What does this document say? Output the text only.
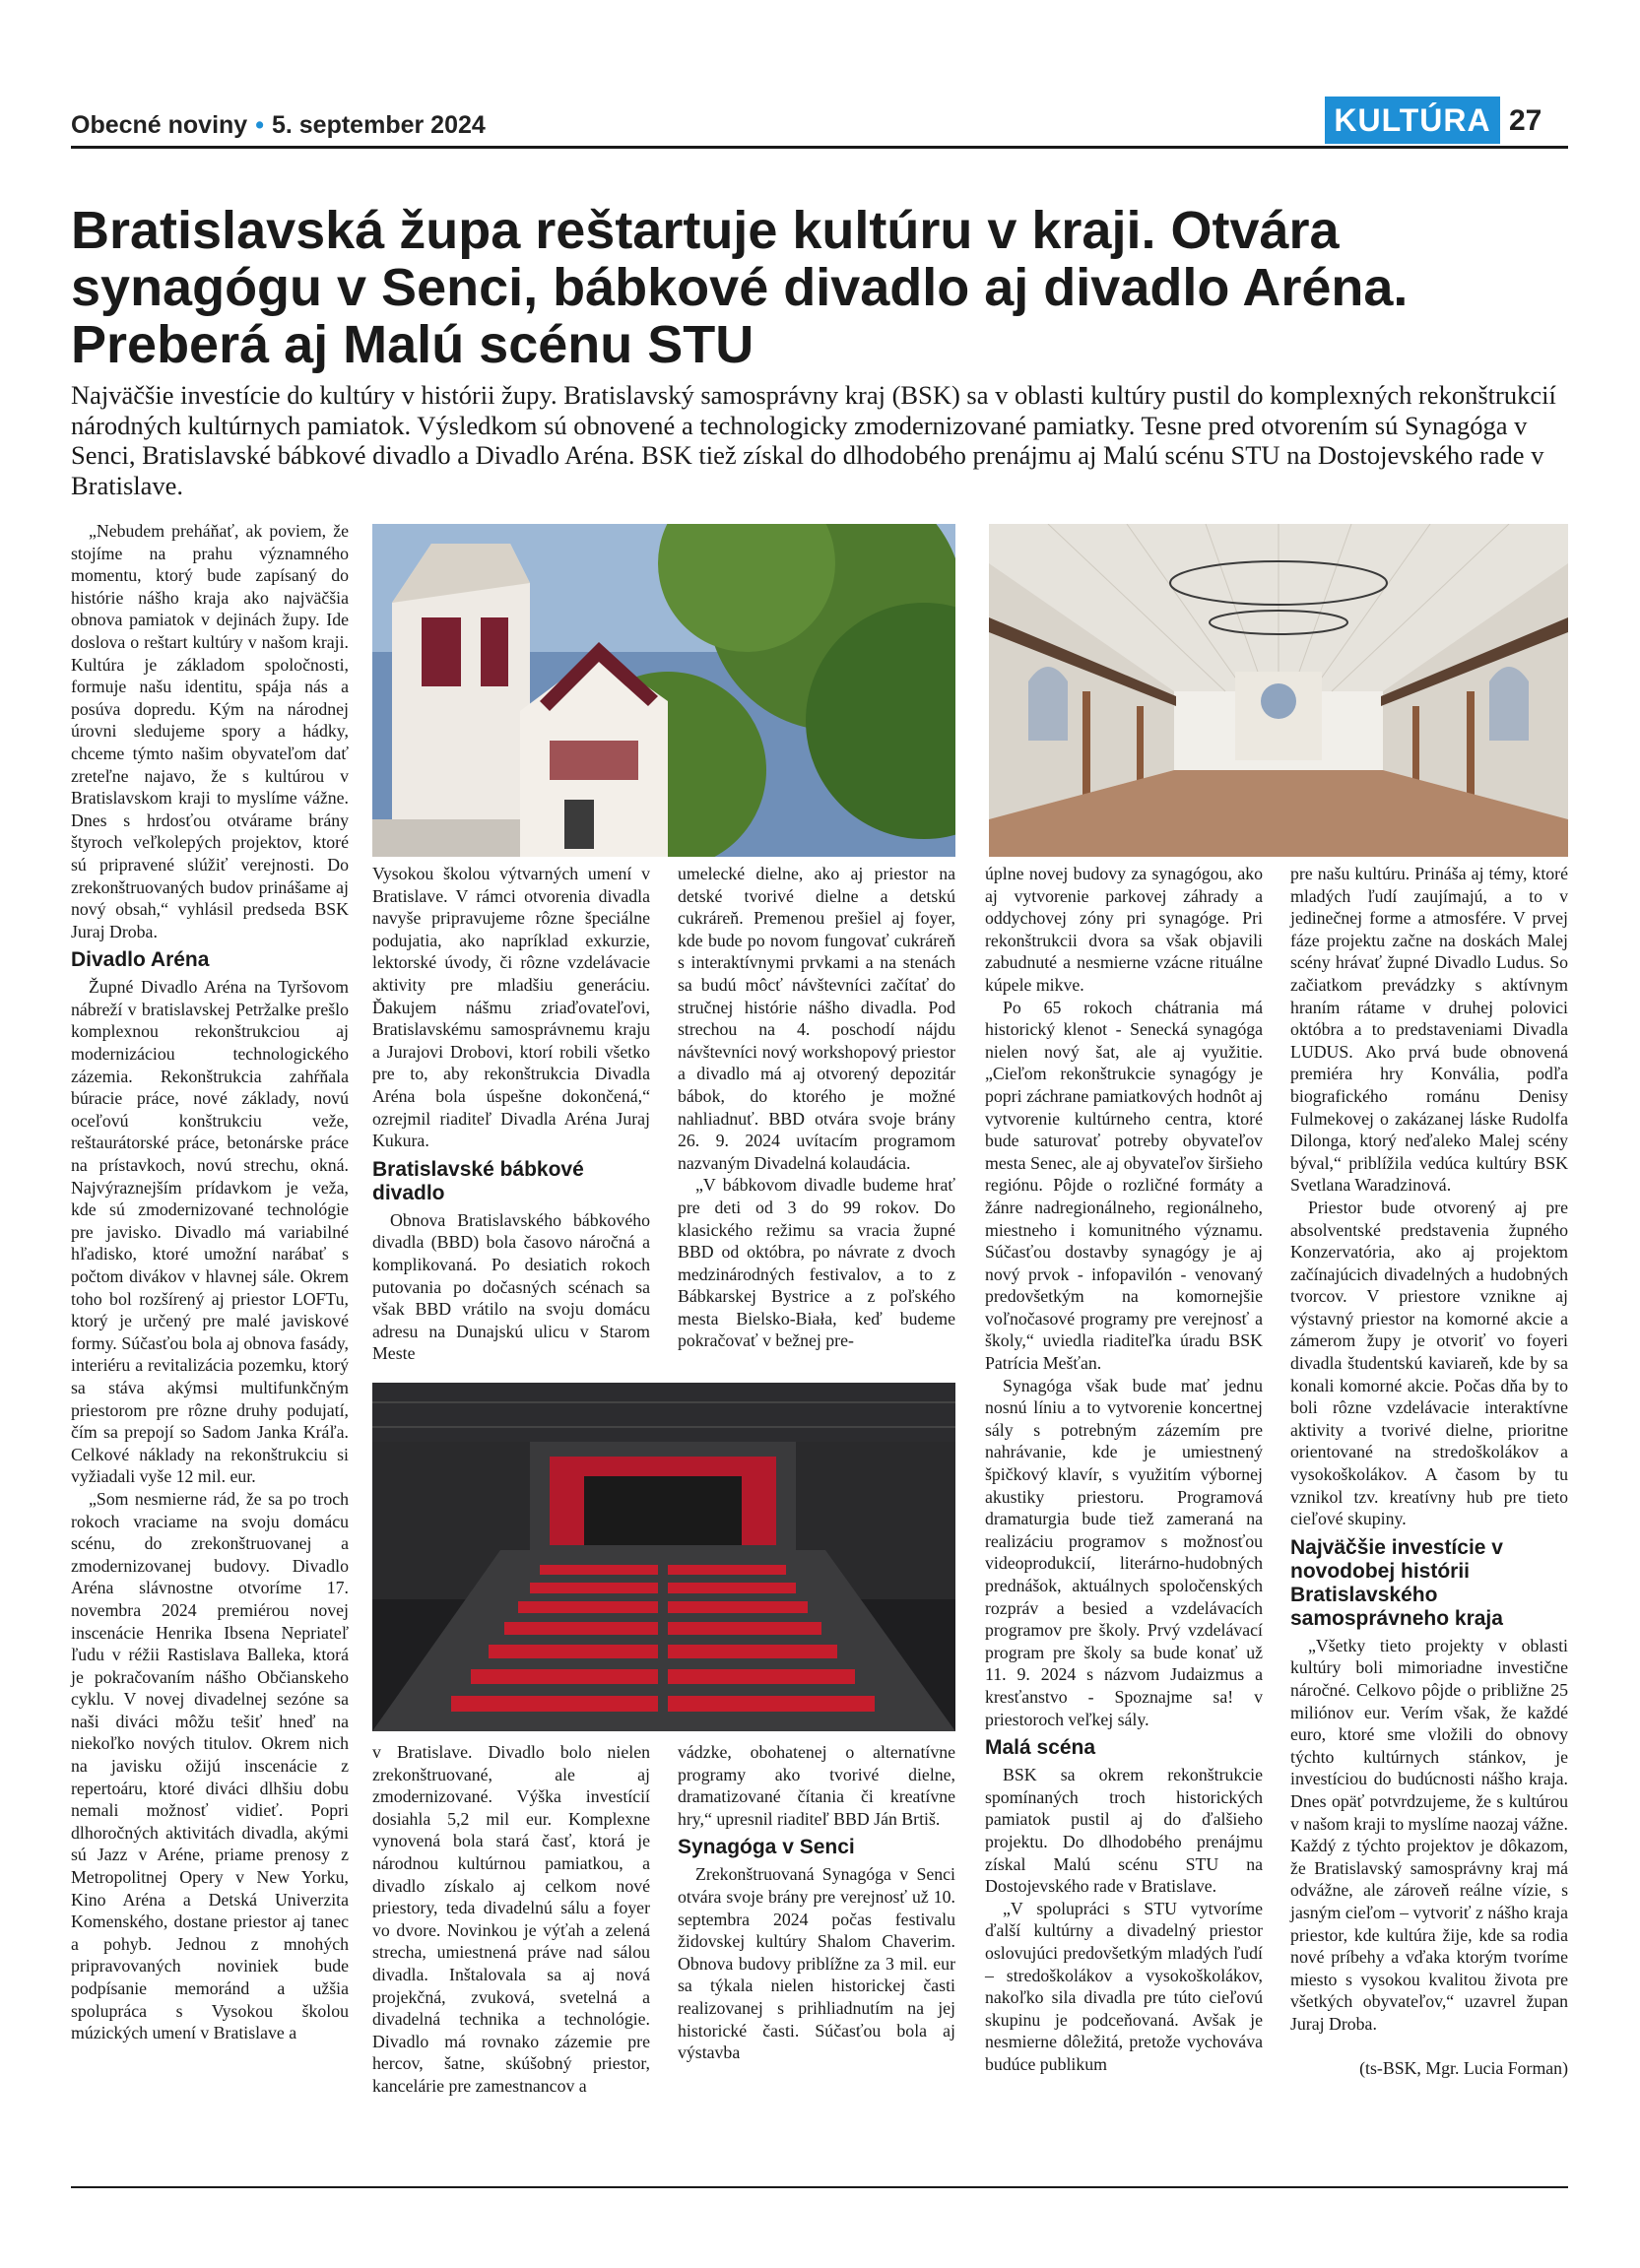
Obecné noviny • 5. september 2024	KULTÚRA 27
Bratislavská župa reštartuje kultúru v kraji. Otvára synagógu v Senci, bábkové divadlo aj divadlo Aréna. Preberá aj Malú scénu STU

Najväčšie investície do kultúry v histórii župy. Bratislavský samosprávny kraj (BSK) sa v oblasti kultúry pustil do komplexných rekonštrukcií národných kultúrnych pamiatok. Výsledkom sú obnovené a technologicky zmodernizované pamiatky. Tesne pred otvorením sú Synagóga v Senci, Bratislavské bábkové divadlo a Divadlo Aréna. BSK tiež získal do dlhodobého prenájmu aj Malú scénu STU na Dostojevského rade v Bratislave.

„Nebudem preháňať, ak poviem, že stojíme na prahu významného momentu, ktorý bude zapísaný do histórie nášho kraja ako najväčšia obnova pamiatok v dejinách župy. Ide doslova o reštart kultúry v našom kraji. Kultúra je základom spoločnosti, formuje našu identitu, spája nás a posúva dopredu. Kým na národnej úrovni sledujeme spory a hádky, chceme týmto našim obyvateľom dať zreteľne najavo, že s kultúrou v Bratislavskom kraji to myslíme vážne. Dnes s hrdosťou otvárame brány štyroch veľkolepých projektov, ktoré sú pripravené slúžiť verejnosti. Do zrekonštruovaných budov prinášame aj nový obsah,“ vyhlásil predseda BSK Juraj Droba.

Divadlo Aréna

Župné Divadlo Aréna na Tyršovom nábreží v bratislavskej Petržalke prešlo komplexnou rekonštrukciou aj modernizáciou technologického zázemia. Rekonštrukcia zahŕňala búracie práce, nové základy, novú oceľovú konštrukciu veže, reštaurátorské práce, betonárske práce na prístavkoch, novú strechu, okná. Najvýraznejším prídavkom je veža, kde sú zmodernizované technológie pre javisko. Divadlo má variabilné hľadisko, ktoré umožní narábať s počtom divákov v hlavnej sále. Okrem toho bol rozšírený aj priestor LOFTu, ktorý je určený pre malé javiskové formy. Súčasťou bola aj obnova fasády, interiéru a revitalizácia pozemku, ktorý sa stáva akýmsi multifunkčným priestorom pre rôzne druhy podujatí, čím sa prepojí so Sadom Janka Kráľa. Celkové náklady na rekonštrukciu si vyžiadali vyše 12 mil. eur.

„Som nesmierne rád, že sa po troch rokoch vraciame na svoju domácu scénu, do zrekonštruovanej a zmodernizovanej budovy. Divadlo Aréna slávnostne otvoríme 17. novembra 2024 premiérou novej inscenácie Henrika Ibsena Nepriateľ ľudu v réžii Rastislava Balleka, ktorá je pokračovaním nášho Občianskeho cyklu. V novej divadelnej sezóne sa naši diváci môžu tešiť hneď na niekoľko nových titulov. Okrem nich na javisku ožijú inscenácie z repertoáru, ktoré diváci dlhšiu dobu nemali možnosť vidieť. Popri dlhoročných aktivitách divadla, akými sú Jazz v Aréne, priame prenosy z Metropolitnej Opery v New Yorku, Kino Aréna a Detská Univerzita Komenského, dostane priestor aj tanec a pohyb. Jednou z mnohých pripravovaných noviniek bude podpísanie memoránd a užšia spolupráca s Vysokou školou múzických umení v Bratislave a

Vysokou školou výtvarných umení v Bratislave. V rámci otvorenia divadla navyše pripravujeme rôzne špeciálne podujatia, ako napríklad exkurzie, lektorské úvody, či rôzne vzdelávacie aktivity pre mladšiu generáciu. Ďakujem nášmu zriaďovateľovi, Bratislavskému samosprávnemu kraju a Jurajovi Drobovi, ktorí robili všetko pre to, aby rekonštrukcia Divadla Aréna bola úspešne dokončená,“ ozrejmil riaditeľ Divadla Aréna Juraj Kukura.

Bratislavské bábkové divadlo

Obnova Bratislavského bábkového divadla (BBD) bola časovo náročná a komplikovaná. Po desiatich rokoch putovania po dočasných scénach sa však BBD vrátilo na svoju domácu adresu na Dunajskú ulicu v Starom Meste

umelecké dielne, ako aj priestor na detské tvorivé dielne a detskú cukráreň. Premenou prešiel aj foyer, kde bude po novom fungovať cukráreň s interaktívnymi prvkami a na stenách sa budú môcť návštevníci začítať do stručnej histórie nášho divadla. Pod strechou na 4. poschodí nájdu návštevníci nový workshopový priestor a divadlo má aj otvorený depozitár bábok, do ktorého je možné nahliadnuť. BBD otvára svoje brány 26. 9. 2024 uvítacím programom nazvaným Divadelná kolaudácia.

„V bábkovom divadle budeme hrať pre deti od 3 do 99 rokov. Do klasického režimu sa vracia župné BBD od októbra, po návrate z dvoch medzinárodných festivalov, a to z Bábkarskej Bystrice a z poľského mesta Bielsko-Biała, keď budeme pokračovať v bežnej pre-

v Bratislave. Divadlo bolo nielen zrekonštruované, ale aj zmodernizované. Výška investícií dosiahla 5,2 mil eur. Komplexne vynovená bola stará časť, ktorá je národnou kultúrnou pamiatkou, a divadlo získalo aj celkom nové priestory, teda divadelnú sálu a foyer vo dvore. Novinkou je výťah a zelená strecha, umiestnená práve nad sálou divadla. Inštalovala sa aj nová projekčná, zvuková, svetelná a divadelná technika a technológie. Divadlo má rovnako zázemie pre hercov, šatne, skúšobný priestor, kancelárie pre zamestnancov a

vádzke, obohatenej o alternatívne programy ako tvorivé dielne, dramatizované čítania či kreatívne hry,“ upresnil riaditeľ BBD Ján Brtiš.

Synagóga v Senci

Zrekonštruovaná Synagóga v Senci otvára svoje brány pre verejnosť už 10. septembra 2024 počas festivalu židovskej kultúry Shalom Chaverim. Obnova budovy priblížne za 3 mil. eur sa týkala nielen historickej časti realizovanej s prihliadnutím na jej historické časti. Súčasťou bola aj výstavba

úplne novej budovy za synagógou, ako aj vytvorenie parkovej záhrady a oddychovej zóny pri synagóge. Pri rekonštrukcii dvora sa však objavili zabudnuté a nesmierne vzácne rituálne kúpele mikve.

Po 65 rokoch chátrania má historický klenot - Senecká synagóga nielen nový šat, ale aj využitie. „Cieľom rekonštrukcie synagógy je popri záchrane pamiatkových hodnôt aj vytvorenie kultúrneho centra, ktoré bude saturovať potreby obyvateľov mesta Senec, ale aj obyvateľov širšieho regiónu. Pôjde o rozličné formáty a žánre nadregionálneho, regionálneho, miestneho i komunitného významu. Súčasťou dostavby synagógy je aj nový prvok - infopavilón - venovaný predovšetkým na komornejšie voľnočasové programy pre verejnosť a školy,“ uviedla riaditeľka úradu BSK Patrícia Mešťan.

Synagóga však bude mať jednu nosnú líniu a to vytvorenie koncertnej sály s potrebným zázemím pre nahrávanie, kde je umiestnený špičkový klavír, s využitím výbornej akustiky priestoru. Programová dramaturgia bude tiež zameraná na realizáciu programov s možnosťou videoprodukcií, literárno-hudobných prednášok, aktuálnych spoločenských rozpráv a besied a vzdelávacích programov pre školy. Prvý vzdelávací program pre školy sa bude konať už 11. 9. 2024 s názvom Judaizmus a kresťanstvo - Spoznajme sa! v priestoroch veľkej sály.

Malá scéna

BSK sa okrem rekonštrukcie spomínaných troch historických pamiatok pustil aj do ďalšieho projektu. Do dlhodobého prenájmu získal Malú scénu STU na Dostojevského rade v Bratislave.

„V spolupráci s STU vytvoríme ďalší kultúrny a divadelný priestor oslovujúci predovšetkým mladých ľudí – stredoškolákov a vysokoškolákov, nakoľko sila divadla pre túto cieľovú skupinu je podceňovaná. Avšak je nesmierne dôležitá, pretože vychováva budúce publikum

pre našu kultúru. Prináša aj témy, ktoré mladých ľudí zaujímajú, a to v jedinečnej forme a atmosfére. V prvej fáze projektu začne na doskách Malej scény hrávať župné Divadlo Ludus. So začiatkom prevádzky s aktívnym hraním rátame v druhej polovici októbra a to predstaveniami Divadla LUDUS. Ako prvá bude obnovená premiéra hry Konvália, podľa biografického románu Denisy Fulmekovej o zakázanej láske Rudolfa Dilonga, ktorý neďaleko Malej scény býval,“ priblížila vedúca kultúry BSK Svetlana Waradzinová.

Priestor bude otvorený aj pre absolventské predstavenia župného Konzervatória, ako aj projektom začínajúcich divadelných a hudobných tvorcov. V priestore vznikne aj výstavný priestor na komorné akcie a zámerom župy je otvoriť vo foyeri divadla študentskú kaviareň, kde by sa konali komorné akcie. Počas dňa by to boli rôzne vzdelávacie interaktívne aktivity a tvorivé dielne, prioritne orientované na stredoškolákov a vysokoškolákov. A časom by tu vznikol tzv. kreatívny hub pre tieto cieľové skupiny.

Najväčšie investície v novodobej histórii Bratislavského samosprávneho kraja

„Všetky tieto projekty v oblasti kultúry boli mimoriadne investične náročné. Celkovo pôjde o približne 25 miliónov eur. Verím však, že každé euro, ktoré sme vložili do obnovy týchto kultúrnych stánkov, je investíciou do budúcnosti nášho kraja. Dnes opäť potvrdzujeme, že s kultúrou v našom kraji to myslíme naozaj vážne. Každý z týchto projektov je dôkazom, že Bratislavský samosprávny kraj má odvážne, ale zároveň reálne vízie, s jasným cieľom – vytvoriť z nášho kraja priestor, kde kultúra žije, kde sa rodia nové príbehy a vďaka ktorým tvoríme miesto s vysokou kvalitou života pre všetkých obyvateľov,“ uzavrel župan Juraj Droba.

(ts-BSK, Mgr. Lucia Forman)
